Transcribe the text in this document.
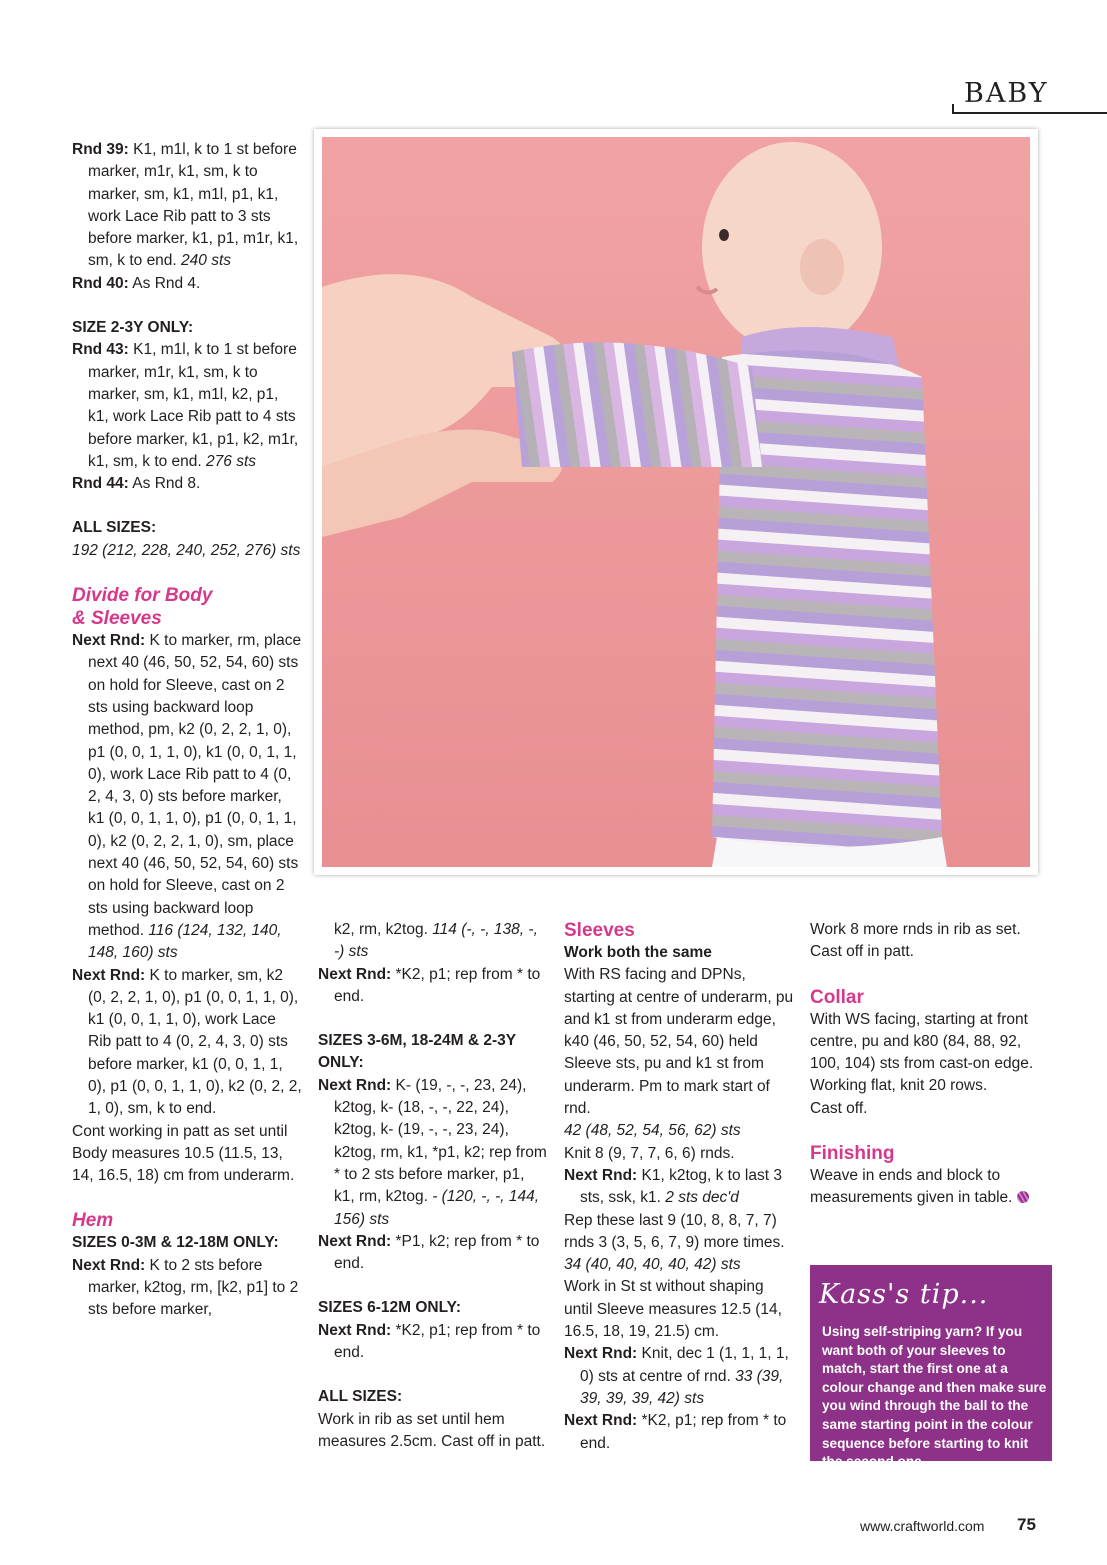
BABY

Rnd 39: K1, m1l, k to 1 st before marker, m1r, k1, sm, k to marker, sm, k1, m1l, p1, k1, work Lace Rib patt to 3 sts before marker, k1, p1, m1r, k1, sm, k to end. 240 sts

Rnd 40: As Rnd 4.

SIZE 2-3Y ONLY:

Rnd 43: K1, m1l, k to 1 st before marker, m1r, k1, sm, k to marker, sm, k1, m1l, k2, p1, k1, work Lace Rib patt to 4 sts before marker, k1, p1, k2, m1r, k1, sm, k to end. 276 sts

Rnd 44: As Rnd 8.

ALL SIZES:

192 (212, 228, 240, 252, 276) sts

Divide for Body
& Sleeves

Next Rnd: K to marker, rm, place next 40 (46, 50, 52, 54, 60) sts on hold for Sleeve, cast on 2 sts using backward loop method, pm, k2 (0, 2, 2, 1, 0), p1 (0, 0, 1, 1, 0), k1 (0, 0, 1, 1, 0), work Lace Rib patt to 4 (0, 2, 4, 3, 0) sts before marker, k1 (0, 0, 1, 1, 0), p1 (0, 0, 1, 1, 0), k2 (0, 2, 2, 1, 0), sm, place next 40 (46, 50, 52, 54, 60) sts on hold for Sleeve, cast on 2 sts using backward loop method. 116 (124, 132, 140, 148, 160) sts

Next Rnd: K to marker, sm, k2 (0, 2, 2, 1, 0), p1 (0, 0, 1, 1, 0), k1 (0, 0, 1, 1, 0), work Lace Rib patt to 4 (0, 2, 4, 3, 0) sts before marker, k1 (0, 0, 1, 1, 0), p1 (0, 0, 1, 1, 0), k2 (0, 2, 2, 1, 0), sm, k to end.

Cont working in patt as set until Body measures 10.5 (11.5, 13, 14, 16.5, 18) cm from underarm.

Hem

SIZES 0-3M & 12-18M ONLY:

Next Rnd: K to 2 sts before marker, k2tog, rm, [k2, p1] to 2 sts before marker,

k2, rm, k2tog. 114 (-, -, 138, -, -) sts

Next Rnd: *K2, p1; rep from * to end.

SIZES 3-6M, 18-24M & 2-3Y ONLY:

Next Rnd: K- (19, -, -, 23, 24), k2tog, k- (18, -, -, 22, 24), k2tog, k- (19, -, -, 23, 24), k2tog, rm, k1, *p1, k2; rep from * to 2 sts before marker, p1, k1, rm, k2tog. - (120, -, -, 144, 156) sts

Next Rnd: *P1, k2; rep from * to end.

SIZES 6-12M ONLY:

Next Rnd: *K2, p1; rep from * to end.

ALL SIZES:

Work in rib as set until hem measures 2.5cm. Cast off in patt.

Sleeves

Work both the same

With RS facing and DPNs, starting at centre of underarm, pu and k1 st from underarm edge, k40 (46, 50, 52, 54, 60) held Sleeve sts, pu and k1 st from underarm. Pm to mark start of rnd.

42 (48, 52, 54, 56, 62) sts

Knit 8 (9, 7, 7, 6, 6) rnds.

Next Rnd: K1, k2tog, k to last 3 sts, ssk, k1. 2 sts dec'd

Rep these last 9 (10, 8, 8, 7, 7) rnds 3 (3, 5, 6, 7, 9) more times. 34 (40, 40, 40, 40, 42) sts

Work in St st without shaping until Sleeve measures 12.5 (14, 16.5, 18, 19, 21.5) cm.

Next Rnd: Knit, dec 1 (1, 1, 1, 1, 0) sts at centre of rnd. 33 (39, 39, 39, 39, 42) sts

Next Rnd: *K2, p1; rep from * to end.

Work 8 more rnds in rib as set. Cast off in patt.

Collar

With WS facing, starting at front centre, pu and k80 (84, 88, 92, 100, 104) sts from cast-on edge.

Working flat, knit 20 rows.

Cast off.

Finishing

Weave in ends and block to measurements given in table.

Kass's tip...
Using self-striping yarn? If you want both of your sleeves to match, start the first one at a colour change and then make sure you wind through the ball to the same starting point in the colour sequence before starting to knit the second one
www.craftworld.com 75
